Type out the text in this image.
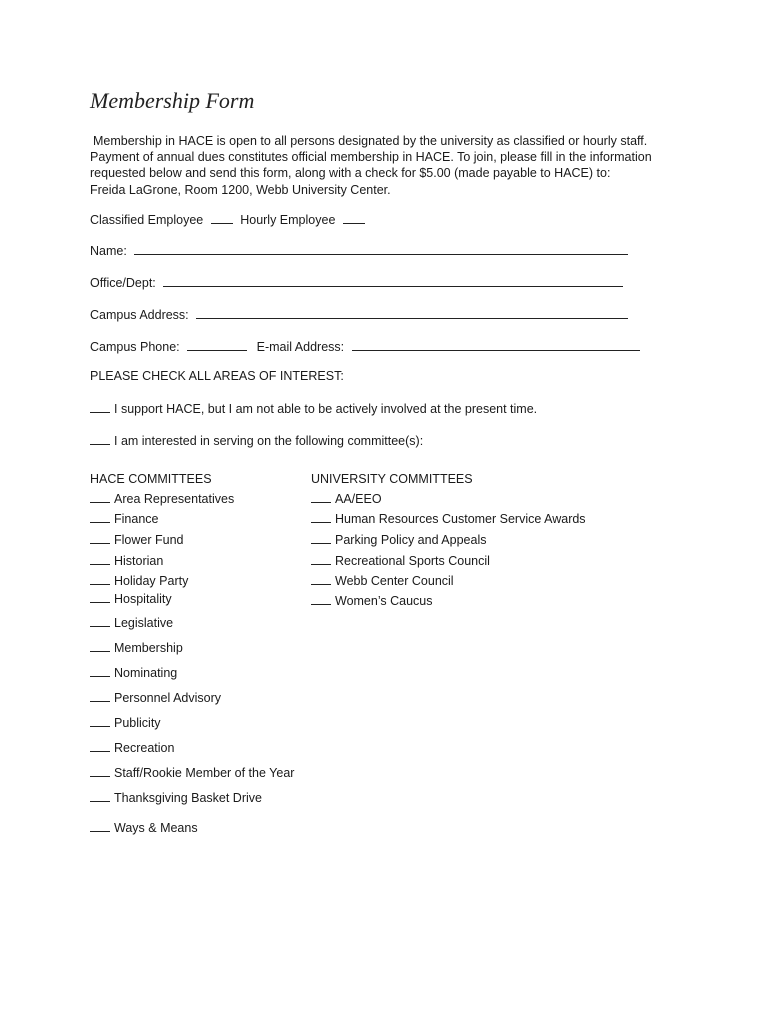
Membership Form
Membership in HACE is open to all persons designated by the university as classified or hourly staff.
Payment of annual dues constitutes official membership in HACE. To join, please fill in the information
requested below and send this form, along with a check for $5.00 (made payable to HACE) to:
Freida LaGrone, Room 1200, Webb University Center.
Classified Employee	Hourly Employee
Name:
Office/Dept:
Campus Address:
Campus Phone:	E-mail Address:
PLEASE CHECK ALL AREAS OF INTEREST:
I support HACE, but I am not able to be actively involved at the present time.
I am interested in serving on the following committee(s):
HACE COMMITTEES
Area Representatives
Finance
Flower Fund
Historian
Holiday Party
Hospitality
Legislative
Membership
Nominating
Personnel Advisory
Publicity
Recreation
Staff/Rookie Member of the Year
Thanksgiving Basket Drive
Ways & Means
UNIVERSITY COMMITTEES
AA/EEO
Human Resources Customer Service Awards
Parking Policy and Appeals
Recreational Sports Council
Webb Center Council
Women’s Caucus
